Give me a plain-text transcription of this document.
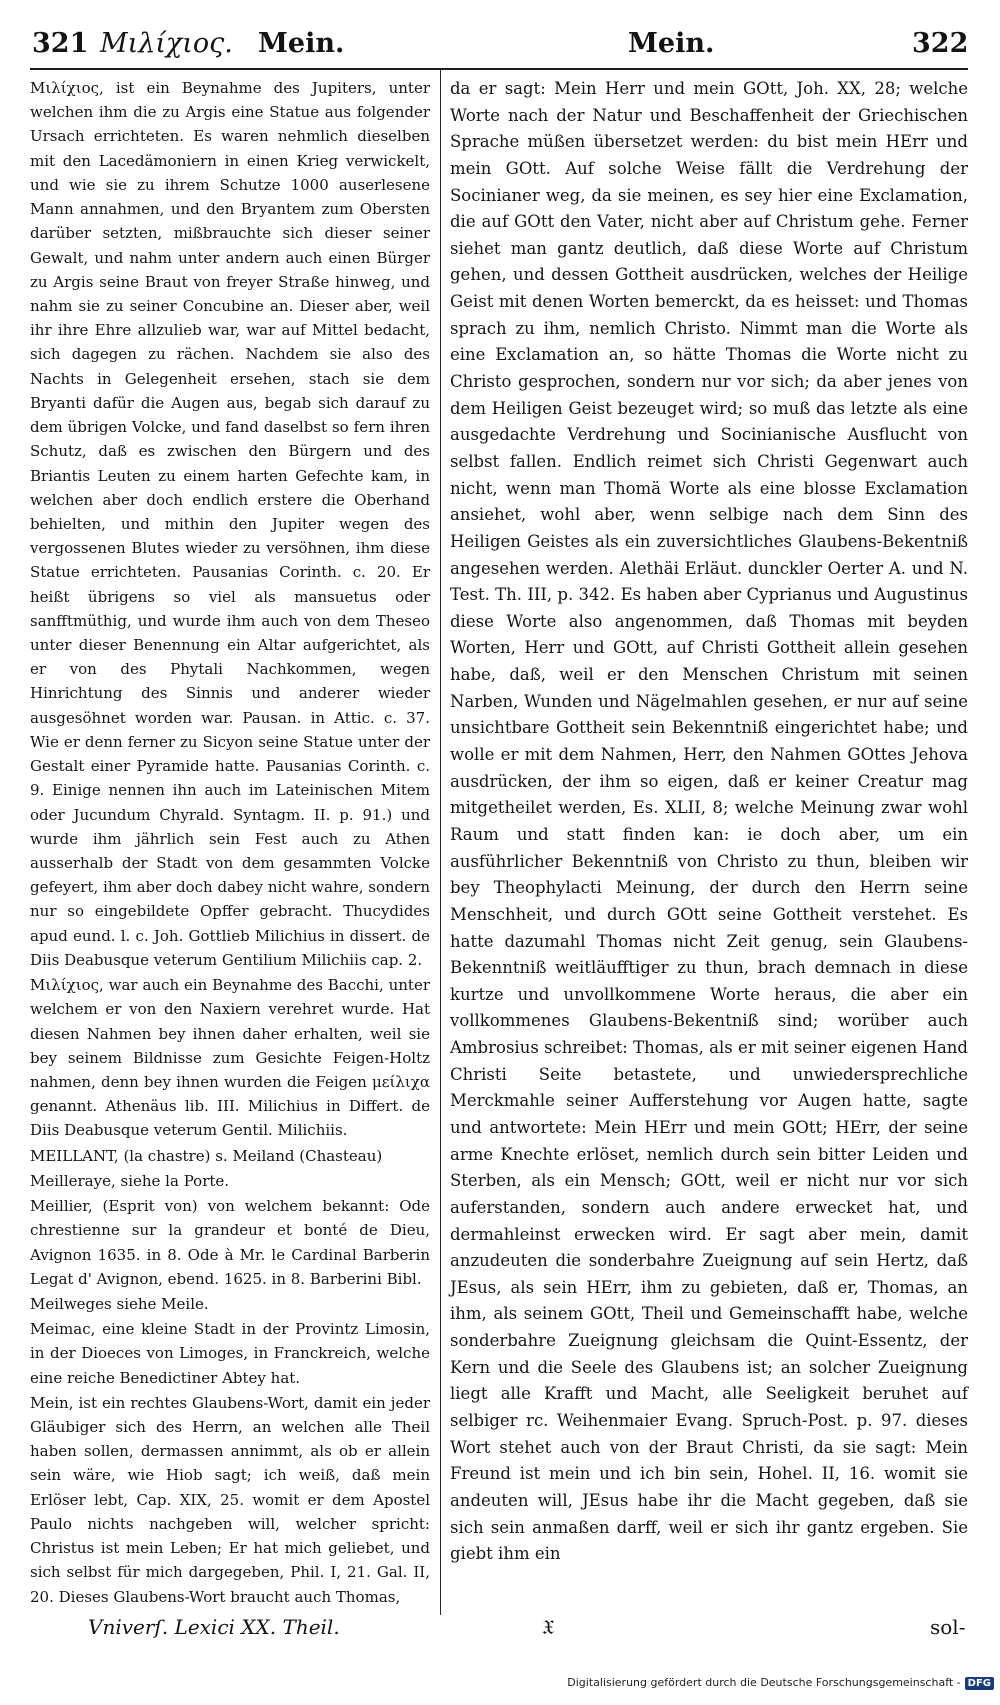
321 Μιλίχιος. Mein.	Mein.	322

Μιλίχιος, ist ein Beynahme des Jupiters, unter welchen ihm die zu Argis eine Statue aus folgender Ursach errichteten. Es waren nehmlich dieselben mit den Lacedämoniern in einen Krieg verwickelt, und wie sie zu ihrem Schutze 1000 auserlesene Mann annahmen, und den Bryantem zum Obersten darüber setzten, mißbrauchte sich dieser seiner Gewalt, und nahm unter andern auch einen Bürger zu Argis seine Braut von freyer Straße hinweg, und nahm sie zu seiner Concubine an. Dieser aber, weil ihr ihre Ehre allzulieb war, war auf Mittel bedacht, sich dagegen zu rächen. Nachdem sie also des Nachts in Gelegenheit ersehen, stach sie dem Bryanti dafür die Augen aus, begab sich darauf zu dem übrigen Volcke, und fand daselbst so fern ihren Schutz, daß es zwischen den Bürgern und des Briantis Leuten zu einem harten Gefechte kam, in welchen aber doch endlich erstere die Oberhand behielten, und mithin den Jupiter wegen des vergossenen Blutes wieder zu versöhnen, ihm diese Statue errichteten. Pausanias Corinth. c. 20. Er heißt übrigens so viel als mansuetus oder sanfftmüthig, und wurde ihm auch von dem Theseo unter dieser Benennung ein Altar aufgerichtet, als er von des Phytali Nachkommen, wegen Hinrichtung des Sinnis und anderer wieder ausgesöhnet worden war. Pausan. in Attic. c. 37. Wie er denn ferner zu Sicyon seine Statue unter der Gestalt einer Pyramide hatte. Pausanias Corinth. c. 9. Einige nennen ihn auch im Lateinischen Mitem oder Jucundum Chyrald. Syntagm. II. p. 91.) und wurde ihm jährlich sein Fest auch zu Athen ausserhalb der Stadt von dem gesammten Volcke gefeyert, ihm aber doch dabey nicht wahre, sondern nur so eingebildete Opffer gebracht. Thucydides apud eund. l. c. Joh. Gottlieb Milichius in dissert. de Diis Deabusque veterum Gentilium Milichiis cap. 2.

Μιλίχιος, war auch ein Beynahme des Bacchi, unter welchem er von den Naxiern verehret wurde. Hat diesen Nahmen bey ihnen daher erhalten, weil sie bey seinem Bildnisse zum Gesichte Feigen-Holtz nahmen, denn bey ihnen wurden die Feigen μείλιχα genannt. Athenäus lib. III. Milichius in Differt. de Diis Deabusque veterum Gentil. Milichiis.

MEILLANT, (la chastre) s. Meiland (Chasteau)

Meilleraye, siehe la Porte.

Meillier, (Esprit von) von welchem bekannt: Ode chrestienne sur la grandeur et bonté de Dieu, Avignon 1635. in 8. Ode à Mr. le Cardinal Barberin Legat d' Avignon, ebend. 1625. in 8. Barberini Bibl.

Meilweges siehe Meile.

Meimac, eine kleine Stadt in der Provintz Limosin, in der Dioeces von Limoges, in Franckreich, welche eine reiche Benedictiner Abtey hat.

Mein, ist ein rechtes Glaubens-Wort, damit ein jeder Gläubiger sich des Herrn, an welchen alle Theil haben sollen, dermassen annimmt, als ob er allein sein wäre, wie Hiob sagt; ich weiß, daß mein Erlöser lebt, Cap. XIX, 25. womit er dem Apostel Paulo nichts nachgeben will, welcher spricht: Christus ist mein Leben; Er hat mich geliebet, und sich selbst für mich dargegeben, Phil. I, 21. Gal. II, 20. Dieses Glaubens-Wort braucht auch Thomas,

da er sagt: Mein Herr und mein GOtt, Joh. XX, 28; welche Worte nach der Natur und Beschaffenheit der Griechischen Sprache müßen übersetzet werden: du bist mein HErr und mein GOtt. Auf solche Weise fällt die Verdrehung der Socinianer weg, da sie meinen, es sey hier eine Exclamation, die auf GOtt den Vater, nicht aber auf Christum gehe. Ferner siehet man gantz deutlich, daß diese Worte auf Christum gehen, und dessen Gottheit ausdrücken, welches der Heilige Geist mit denen Worten bemerckt, da es heisset: und Thomas sprach zu ihm, nemlich Christo. Nimmt man die Worte als eine Exclamation an, so hätte Thomas die Worte nicht zu Christo gesprochen, sondern nur vor sich; da aber jenes von dem Heiligen Geist bezeuget wird; so muß das letzte als eine ausgedachte Verdrehung und Socinianische Ausflucht von selbst fallen. Endlich reimet sich Christi Gegenwart auch nicht, wenn man Thomä Worte als eine blosse Exclamation ansiehet, wohl aber, wenn selbige nach dem Sinn des Heiligen Geistes als ein zuversichtliches Glaubens-Bekentniß angesehen werden. Alethäi Erläut. dunckler Oerter A. und N. Test. Th. III, p. 342. Es haben aber Cyprianus und Augustinus diese Worte also angenommen, daß Thomas mit beyden Worten, Herr und GOtt, auf Christi Gottheit allein gesehen habe, daß, weil er den Menschen Christum mit seinen Narben, Wunden und Nägelmahlen gesehen, er nur auf seine unsichtbare Gottheit sein Bekenntniß eingerichtet habe; und wolle er mit dem Nahmen, Herr, den Nahmen GOttes Jehova ausdrücken, der ihm so eigen, daß er keiner Creatur mag mitgetheilet werden, Es. XLII, 8; welche Meinung zwar wohl Raum und statt finden kan: ie doch aber, um ein ausführlicher Bekenntniß von Christo zu thun, bleiben wir bey Theophylacti Meinung, der durch den Herrn seine Menschheit, und durch GOtt seine Gottheit verstehet. Es hatte dazumahl Thomas nicht Zeit genug, sein Glaubens-Bekenntniß weitläufftiger zu thun, brach demnach in diese kurtze und unvollkommene Worte heraus, die aber ein vollkommenes Glaubens-Bekentniß sind; worüber auch Ambrosius schreibet: Thomas, als er mit seiner eigenen Hand Christi Seite betastete, und unwiedersprechliche Merckmahle seiner Aufferstehung vor Augen hatte, sagte und antwortete: Mein HErr und mein GOtt; HErr, der seine arme Knechte erlöset, nemlich durch sein bitter Leiden und Sterben, als ein Mensch; GOtt, weil er nicht nur vor sich auferstanden, sondern auch andere erwecket hat, und dermahleinst erwecken wird. Er sagt aber mein, damit anzudeuten die sonderbahre Zueignung auf sein Hertz, daß JEsus, als sein HErr, ihm zu gebieten, daß er, Thomas, an ihm, als seinem GOtt, Theil und Gemeinschafft habe, welche sonderbahre Zueignung gleichsam die Quint-Essentz, der Kern und die Seele des Glaubens ist; an solcher Zueignung liegt alle Krafft und Macht, alle Seeligkeit beruhet auf selbiger rc. Weihenmaier Evang. Spruch-Post. p. 97. dieses Wort stehet auch von der Braut Christi, da sie sagt: Mein Freund ist mein und ich bin sein, Hohel. II, 16. womit sie andeuten will, JEsus habe ihr die Macht gegeben, daß sie sich sein anmaßen darff, weil er sich ihr gantz ergeben. Sie giebt ihm ein

Vniverſ. Lexici XX. Theil.	𝔛	sol-
Digitalisierung gefördert durch die Deutsche Forschungsgemeinschaft - DFG
